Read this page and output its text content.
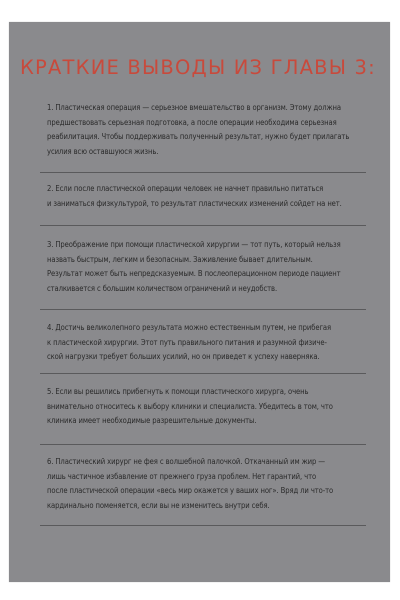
КРАТКИЕ ВЫВОДЫ ИЗ ГЛАВЫ 3:

1. Пластическая операция — серьезное вмешательство в организм. Этому должна

предшествовать серьезная подготовка, а после операции необходима серьезная

реабилитация. Чтобы поддерживать полученный результат, нужно будет прилагать

усилия всю оставшуюся жизнь.

2. Если после пластической операции человек не начнет правильно питаться

и заниматься физкультурой, то результат пластических изменений сойдет на нет.

3. Преображение при помощи пластической хирургии — тот путь, который нельзя

назвать быстрым, легким и безопасным. Заживление бывает длительным.

Результат может быть непредсказуемым. В послеоперационном периоде пациент

сталкивается с большим количеством ограничений и неудобств.

4. Достичь великолепного результата можно естественным путем, не прибегая

к пластической хирургии. Этот путь правильного питания и разумной физиче-

ской нагрузки требует больших усилий, но он приведет к успеху наверняка.

5. Если вы решились прибегнуть к помощи пластического хирурга, очень

внимательно относитесь к выбору клиники и специалиста. Убедитесь в том, что

клиника имеет необходимые разрешительные документы.

6. Пластический хирург не фея с волшебной палочкой. Откачанный им жир —

лишь частичное избавление от прежнего груза проблем. Нет гарантий, что

после пластической операции «весь мир окажется у ваших ног». Вряд ли что-то

кардинально поменяется, если вы не изменитесь внутри себя.
